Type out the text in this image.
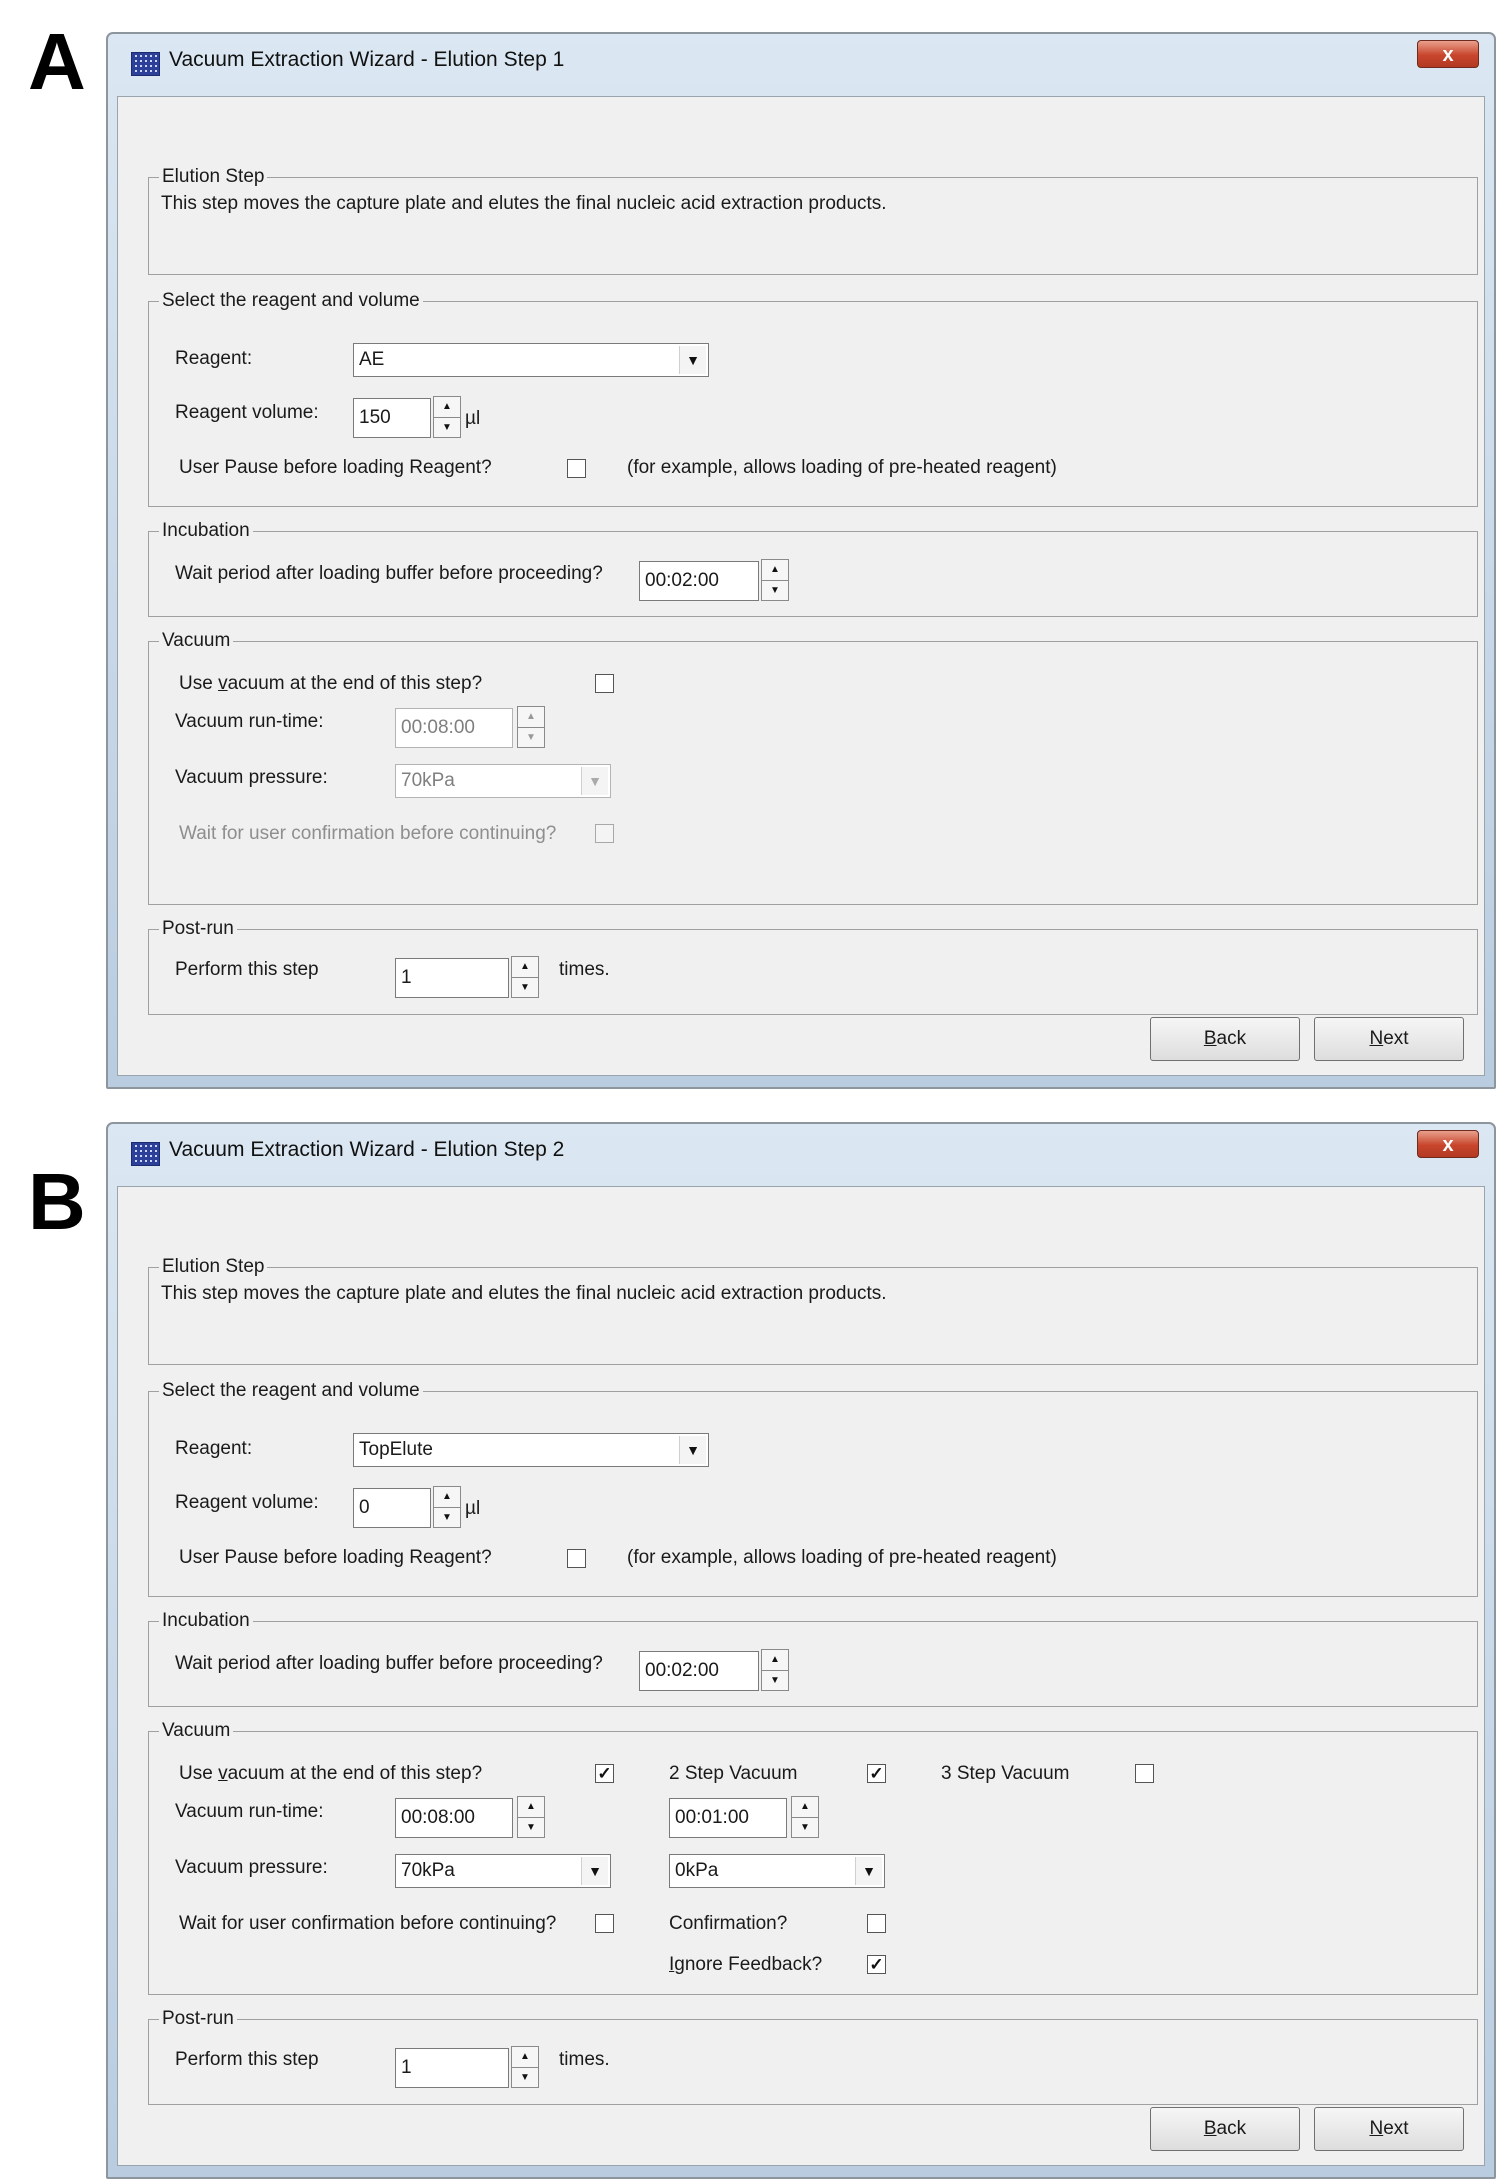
A	Vacuum Extraction Wizard - Elution Step 1	x
Elution Step
This step moves the capture plate and elutes the final nucleic acid extraction products.
Select the reagent and volume
Reagent:	AE	▼
Reagent volume:	150
▲
▼ µl
User Pause before loading Reagent?	(for example, allows loading of pre-heated reagent)
Incubation
Wait period after loading buffer before proceeding?	00:02:00
▲
▼
Vacuum
Use vacuum at the end of this step?
Vacuum run-time:	00:08:00
▲
▼
Vacuum pressure:	70kPa	▼
Wait for user confirmation before continuing?
Post-run
Perform this step	1
▲
▼
times.
Back	Next
B
Vacuum Extraction Wizard - Elution Step 2	x
Elution Step
This step moves the capture plate and elutes the final nucleic acid extraction products.
Select the reagent and volume
Reagent:	TopElute	▼
Reagent volume:	0
▲
▼ µl
User Pause before loading Reagent?	(for example, allows loading of pre-heated reagent)
Incubation
Wait period after loading buffer before proceeding?	00:02:00
▲
▼
Vacuum
Use vacuum at the end of this step?	✓	2 Step Vacuum	✓	3 Step Vacuum
Vacuum run-time:	00:08:00
▲
▼	00:01:00
▲
▼
Vacuum pressure:	70kPa	▼	0kPa	▼
Wait for user confirmation before continuing?	Confirmation?
Ignore Feedback?	✓
Post-run
Perform this step	1
▲
▼
times.
Back	Next
